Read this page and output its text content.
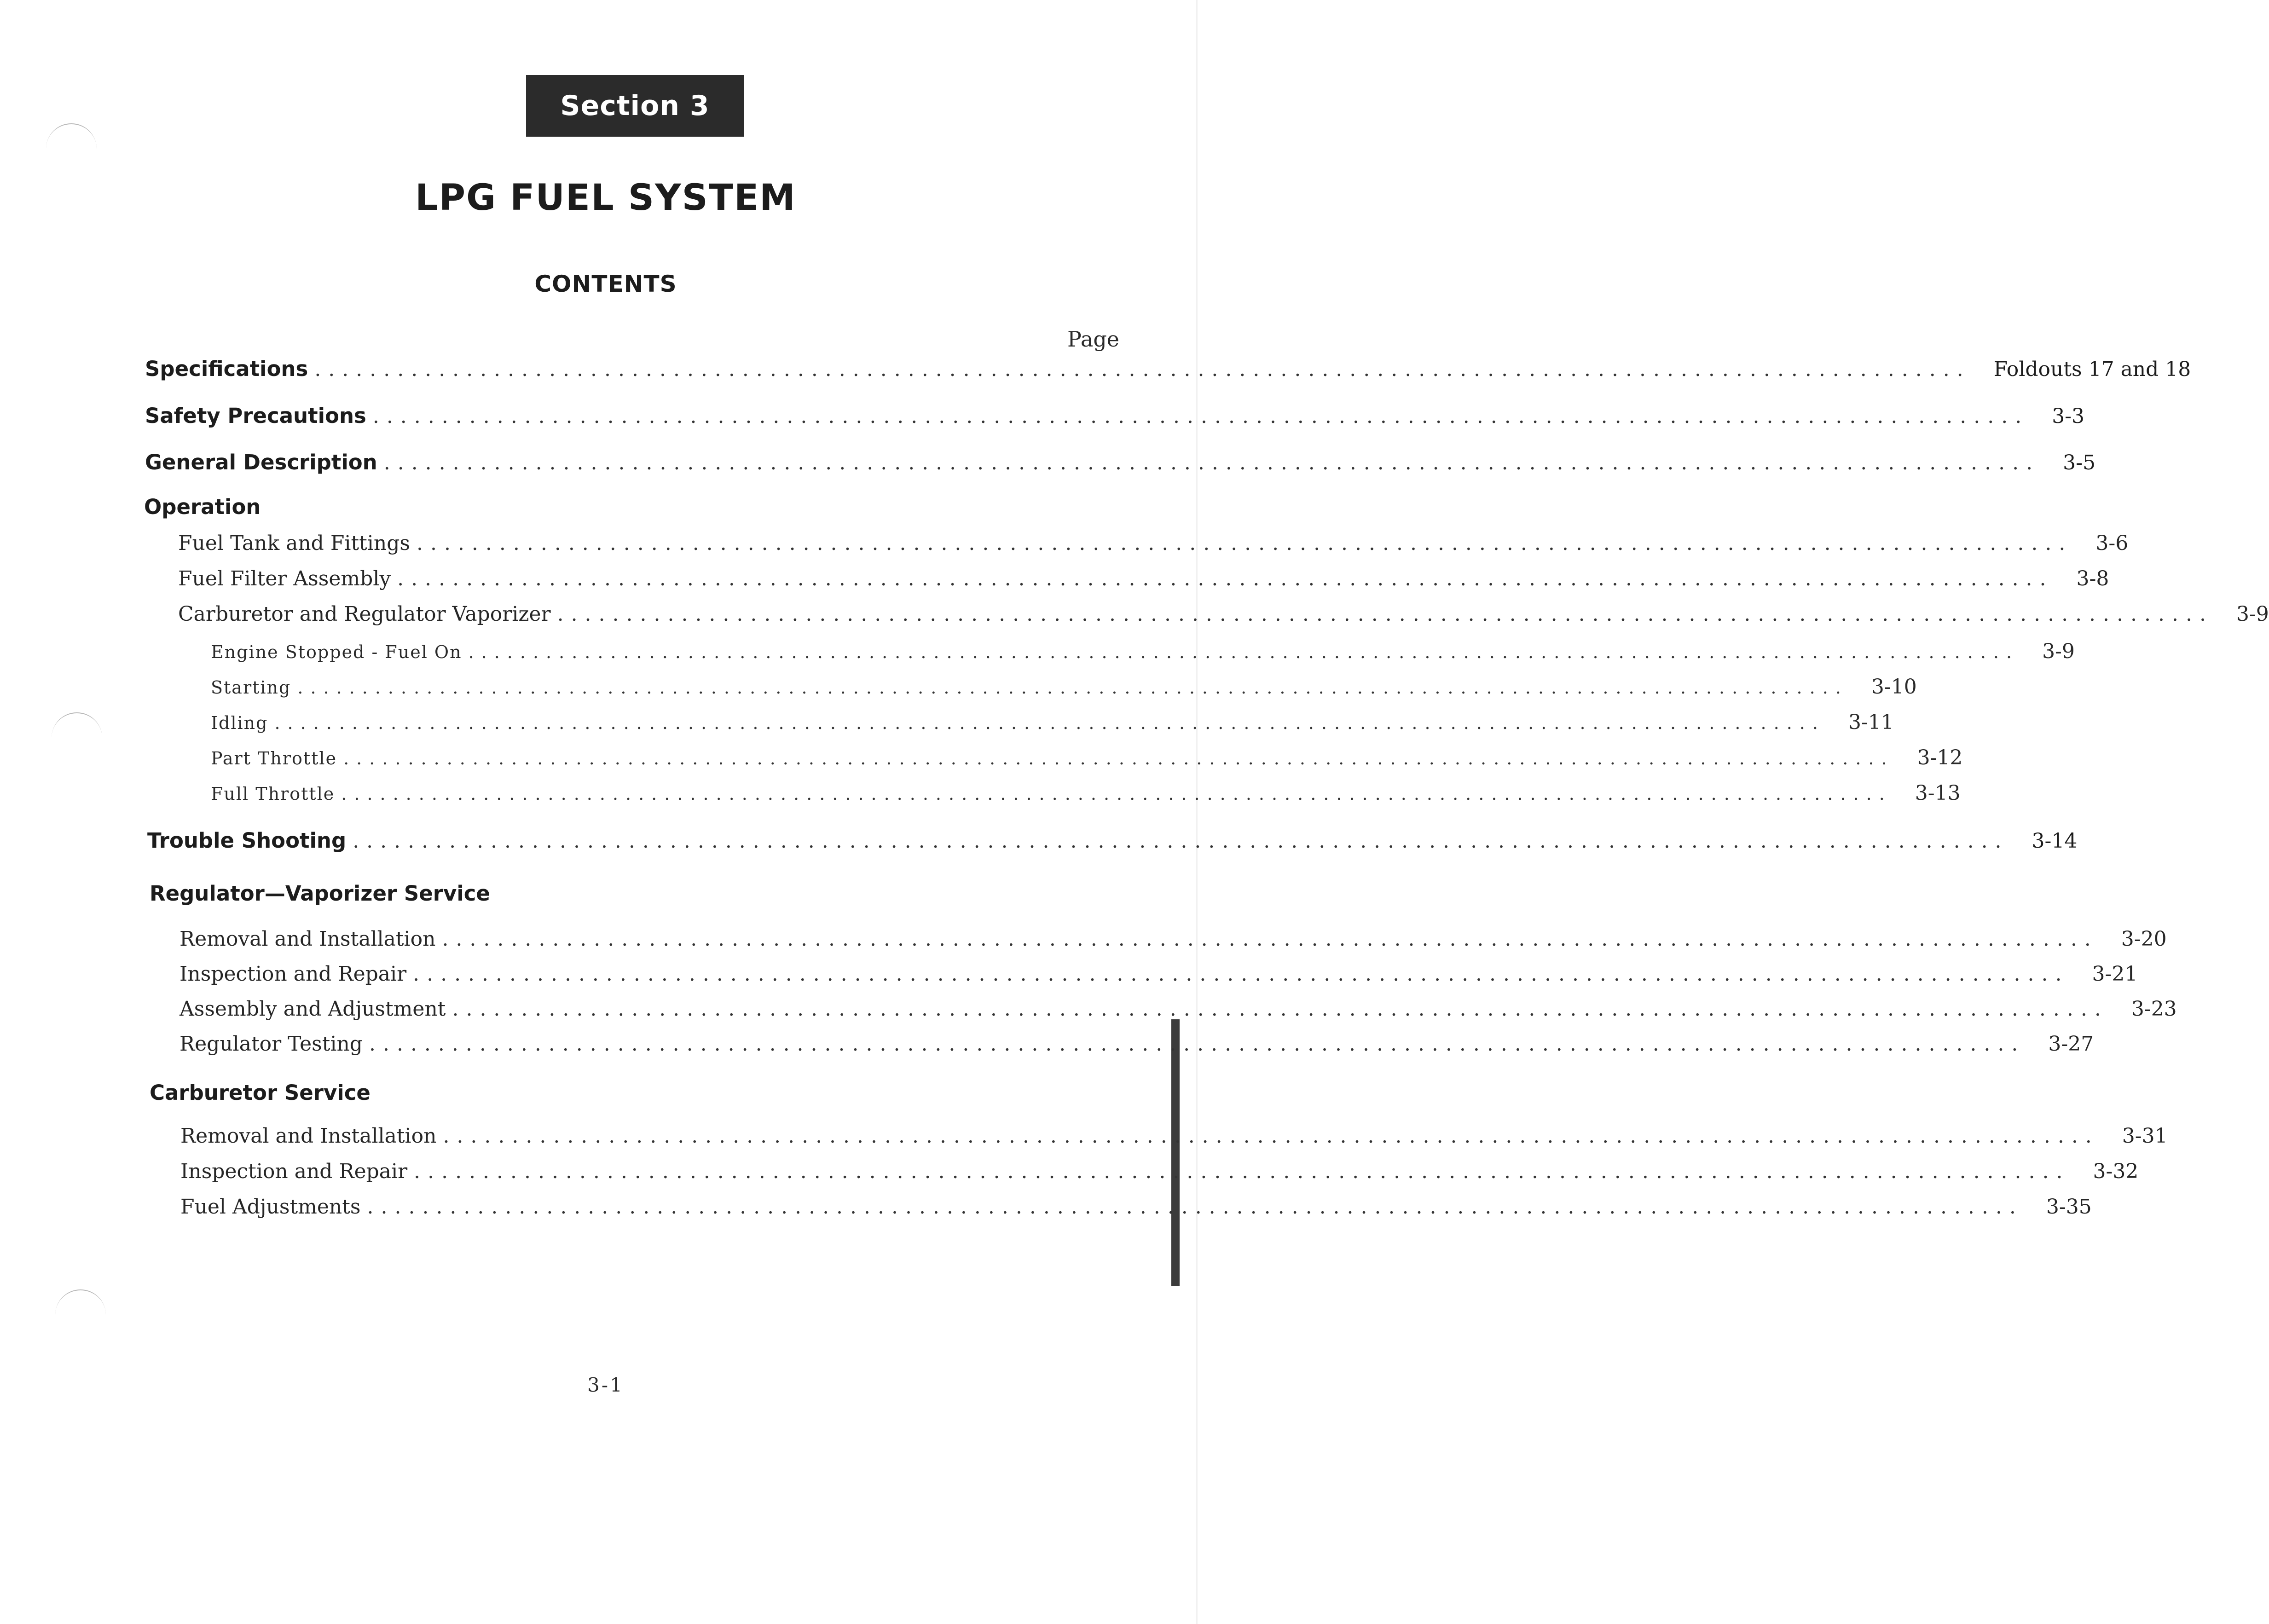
Section 3
LPG FUEL SYSTEM
CONTENTS
Page
Specifications ........................................................................................................................	Foldouts 17 and 18
Safety Precautions ........................................................................................................................	3-3
General Description ........................................................................................................................	3-5
Operation
Fuel Tank and Fittings ........................................................................................................................	3-6
Fuel Filter Assembly ........................................................................................................................	3-8
Carburetor and Regulator Vaporizer ........................................................................................................................	3-9
Engine Stopped - Fuel On ........................................................................................................................	3-9
Starting ........................................................................................................................	3-10
Idling ........................................................................................................................	3-11
Part Throttle ........................................................................................................................	3-12
Full Throttle ........................................................................................................................	3-13
Trouble Shooting ........................................................................................................................	3-14
Regulator—Vaporizer Service
Removal and Installation ........................................................................................................................	3-20
Inspection and Repair ........................................................................................................................	3-21
Assembly and Adjustment ........................................................................................................................	3-23
Regulator Testing ........................................................................................................................	3-27
Carburetor Service
Removal and Installation ........................................................................................................................	3-31
Inspection and Repair ........................................................................................................................	3-32
Fuel Adjustments ........................................................................................................................	3-35
3-1
